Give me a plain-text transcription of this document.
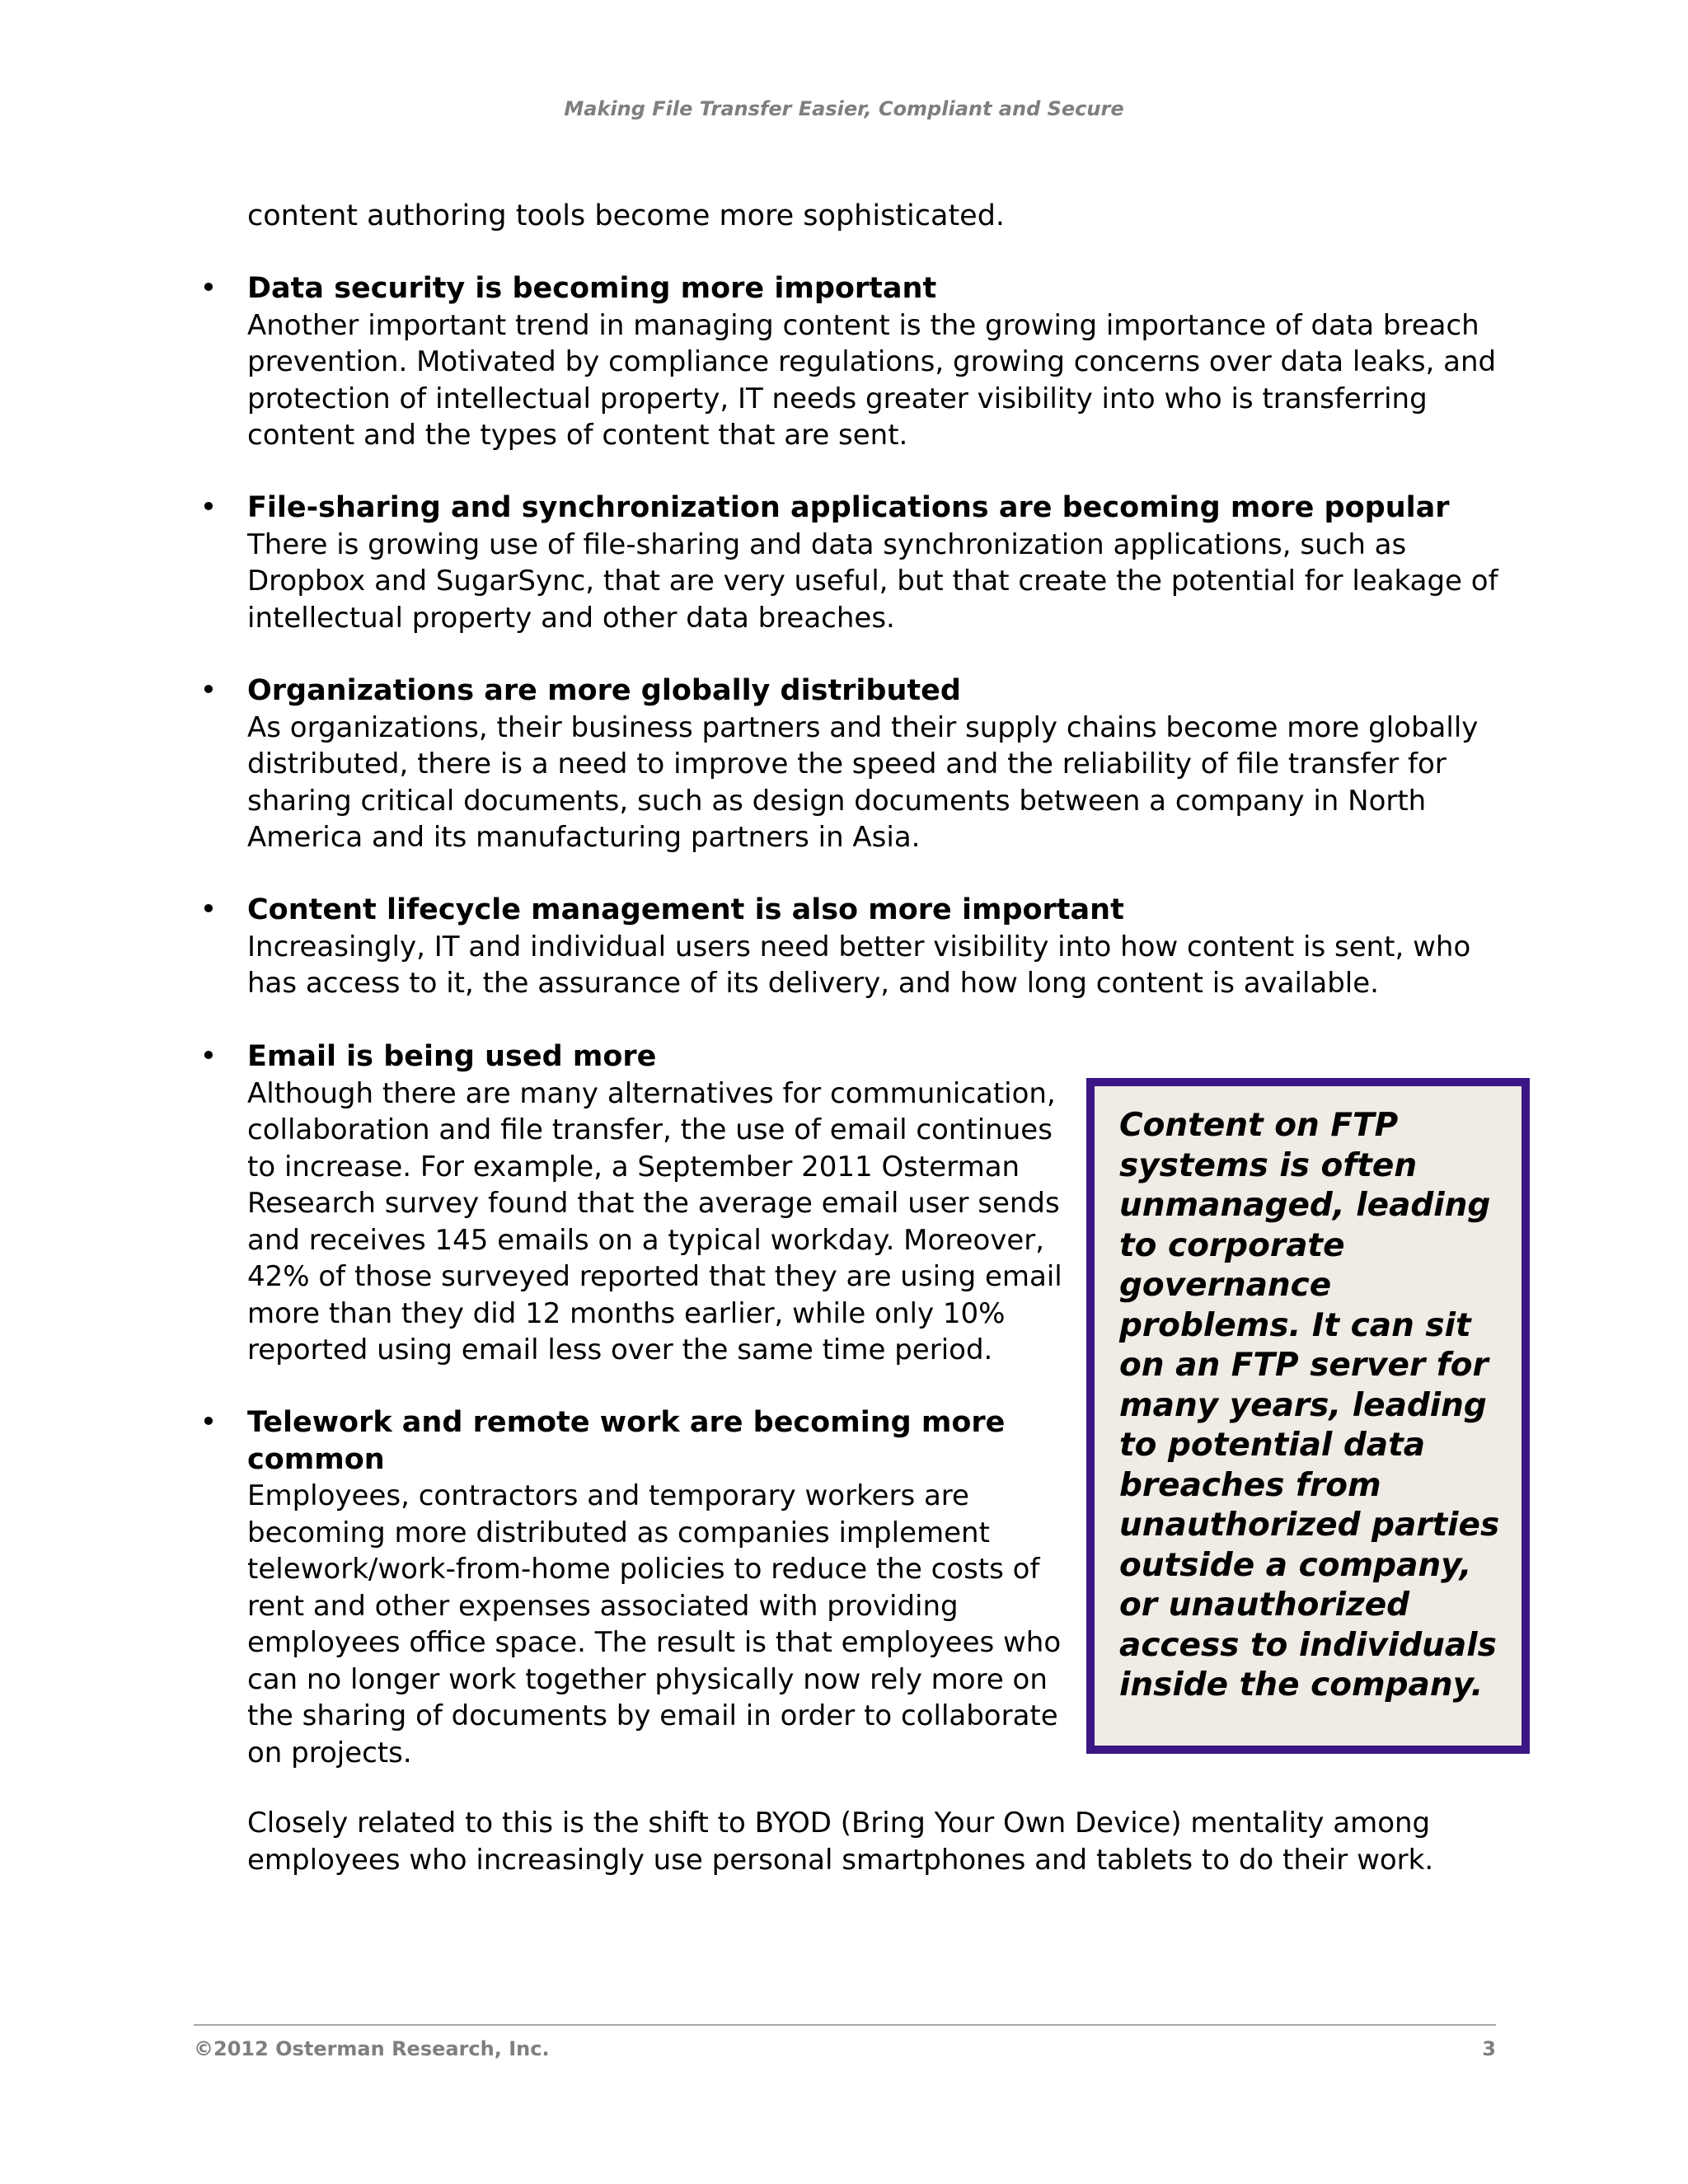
Making File Transfer Easier, Compliant and Secure
content authoring tools become more sophisticated.
• Data security is becoming more important
Another important trend in managing content is the growing importance of data breach prevention. Motivated by compliance regulations, growing concerns over data leaks, and protection of intellectual property, IT needs greater visibility into who is transferring content and the types of content that are sent.
• File-sharing and synchronization applications are becoming more popular
There is growing use of file-sharing and data synchronization applications, such as Dropbox and SugarSync, that are very useful, but that create the potential for leakage of intellectual property and other data breaches.
• Organizations are more globally distributed
As organizations, their business partners and their supply chains become more globally distributed, there is a need to improve the speed and the reliability of file transfer for sharing critical documents, such as design documents between a company in North America and its manufacturing partners in Asia.
• Content lifecycle management is also more important
Increasingly, IT and individual users need better visibility into how content is sent, who has access to it, the assurance of its delivery, and how long content is available.
• Email is being used more
Although there are many alternatives for communication, collaboration and file transfer, the use of email continues to increase. For example, a September 2011 Osterman Research survey found that the average email user sends and receives 145 emails on a typical workday. Moreover, 42% of those surveyed reported that they are using email more than they did 12 months earlier, while only 10% reported using email less over the same time period.
• Telework and remote work are becoming more common
Employees, contractors and temporary workers are becoming more distributed as companies implement telework/work-from-home policies to reduce the costs of rent and other expenses associated with providing employees office space. The result is that employees who can no longer work together physically now rely more on the sharing of documents by email in order to collaborate on projects.
Closely related to this is the shift to BYOD (Bring Your Own Device) mentality among employees who increasingly use personal smartphones and tablets to do their work.
Content on FTP systems is often unmanaged, leading to corporate governance problems. It can sit on an FTP server for many years, leading to potential data breaches from unauthorized parties outside a company, or unauthorized access to individuals inside the company.
©2012 Osterman Research, Inc.	3
